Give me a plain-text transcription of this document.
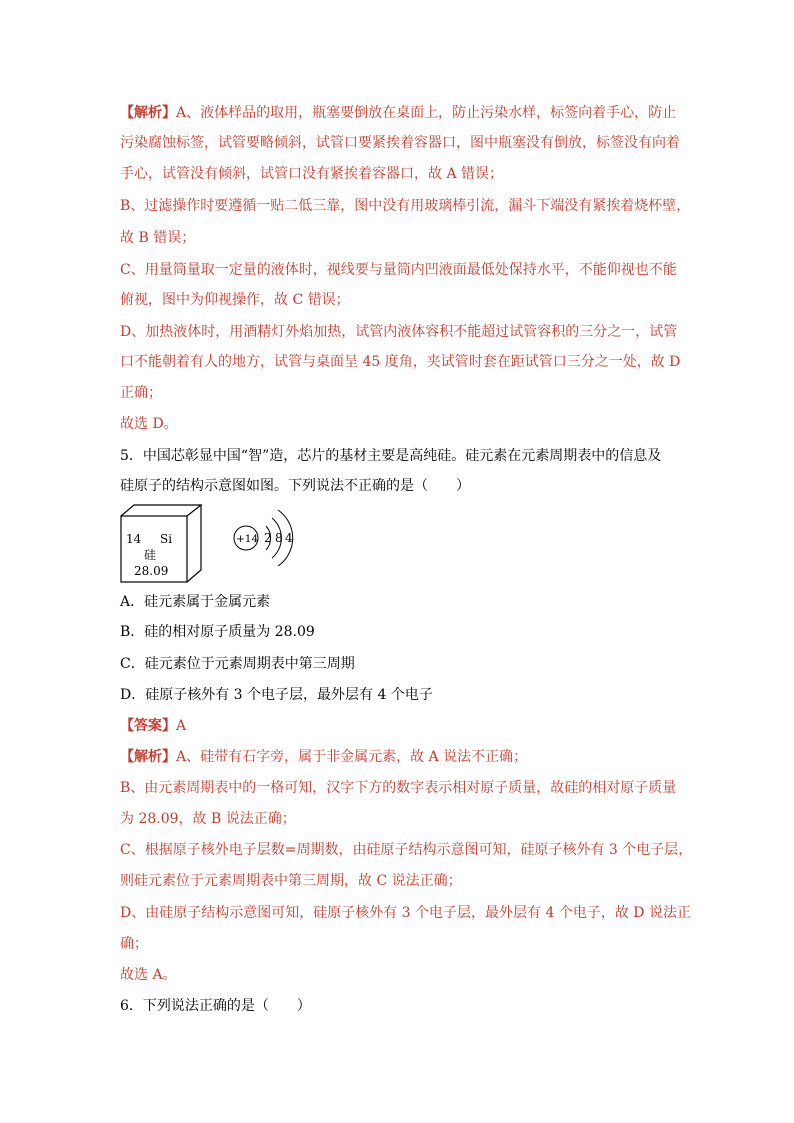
【解析】A、液体样品的取用，瓶塞要倒放在桌面上，防止污染水样，标签向着手心，防止
污染腐蚀标签，试管要略倾斜，试管口要紧挨着容器口，图中瓶塞没有倒放，标签没有向着
手心，试管没有倾斜，试管口没有紧挨着容器口，故 A 错误；
B、过滤操作时要遵循一贴二低三靠，图中没有用玻璃棒引流，漏斗下端没有紧挨着烧杯壁，
故 B 错误；
C、用量筒量取一定量的液体时，视线要与量筒内凹液面最低处保持水平，不能仰视也不能
俯视，图中为仰视操作，故 C 错误；
D、加热液体时，用酒精灯外焰加热，试管内液体容积不能超过试管容积的三分之一，试管
口不能朝着有人的地方，试管与桌面呈 45 度角，夹试管时套在距试管口三分之一处，故 D
正确；
故选 D。
5．中国芯彰显中国“智”造，芯片的基材主要是高纯硅。硅元素在元素周期表中的信息及
硅原子的结构示意图如图。下列说法不正确的是（　　）
14 Si
硅
28.09
+14 2 8 4
A．硅元素属于金属元素
B．硅的相对原子质量为 28.09
C．硅元素位于元素周期表中第三周期
D．硅原子核外有 3 个电子层，最外层有 4 个电子
【答案】A
【解析】A、硅带有石字旁，属于非金属元素，故 A 说法不正确；
B、由元素周期表中的一格可知，汉字下方的数字表示相对原子质量，故硅的相对原子质量
为 28.09，故 B 说法正确；
C、根据原子核外电子层数=周期数，由硅原子结构示意图可知，硅原子核外有 3 个电子层，
则硅元素位于元素周期表中第三周期，故 C 说法正确；
D、由硅原子结构示意图可知，硅原子核外有 3 个电子层，最外层有 4 个电子，故 D 说法正
确；
故选 A。
6．下列说法正确的是（　　）
